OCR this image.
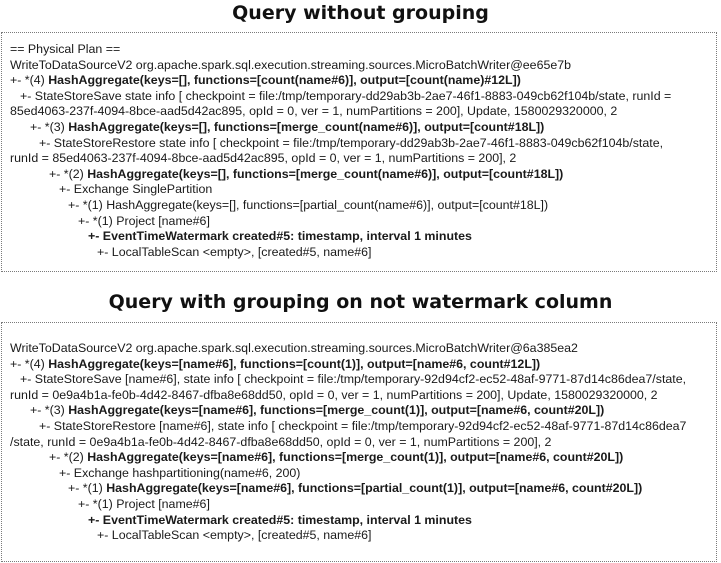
Query without grouping
== Physical Plan ==
WriteToDataSourceV2 org.apache.spark.sql.execution.streaming.sources.MicroBatchWriter@ee65e7b
+- *(4) HashAggregate(keys=[], functions=[count(name#6)], output=[count(name)#12L])
+- StateStoreSave state info [ checkpoint = file:/tmp/temporary-dd29ab3b-2ae7-46f1-8883-049cb62f104b/state, runId =
85ed4063-237f-4094-8bce-aad5d42ac895, opId = 0, ver = 1, numPartitions = 200], Update, 1580029320000, 2
+- *(3) HashAggregate(keys=[], functions=[merge_count(name#6)], output=[count#18L])
+- StateStoreRestore state info [ checkpoint = file:/tmp/temporary-dd29ab3b-2ae7-46f1-8883-049cb62f104b/state,
runId = 85ed4063-237f-4094-8bce-aad5d42ac895, opId = 0, ver = 1, numPartitions = 200], 2
+- *(2) HashAggregate(keys=[], functions=[merge_count(name#6)], output=[count#18L])
+- Exchange SinglePartition
+- *(1) HashAggregate(keys=[], functions=[partial_count(name#6)], output=[count#18L])
+- *(1) Project [name#6]
+- EventTimeWatermark created#5: timestamp, interval 1 minutes
+- LocalTableScan <empty>, [created#5, name#6]
Query with grouping on not watermark column
WriteToDataSourceV2 org.apache.spark.sql.execution.streaming.sources.MicroBatchWriter@6a385ea2
+- *(4) HashAggregate(keys=[name#6], functions=[count(1)], output=[name#6, count#12L])
+- StateStoreSave [name#6], state info [ checkpoint = file:/tmp/temporary-92d94cf2-ec52-48af-9771-87d14c86dea7/state,
runId = 0e9a4b1a-fe0b-4d42-8467-dfba8e68dd50, opId = 0, ver = 1, numPartitions = 200], Update, 1580029320000, 2
+- *(3) HashAggregate(keys=[name#6], functions=[merge_count(1)], output=[name#6, count#20L])
+- StateStoreRestore [name#6], state info [ checkpoint = file:/tmp/temporary-92d94cf2-ec52-48af-9771-87d14c86dea7
/state, runId = 0e9a4b1a-fe0b-4d42-8467-dfba8e68dd50, opId = 0, ver = 1, numPartitions = 200], 2
+- *(2) HashAggregate(keys=[name#6], functions=[merge_count(1)], output=[name#6, count#20L])
+- Exchange hashpartitioning(name#6, 200)
+- *(1) HashAggregate(keys=[name#6], functions=[partial_count(1)], output=[name#6, count#20L])
+- *(1) Project [name#6]
+- EventTimeWatermark created#5: timestamp, interval 1 minutes
+- LocalTableScan <empty>, [created#5, name#6]
